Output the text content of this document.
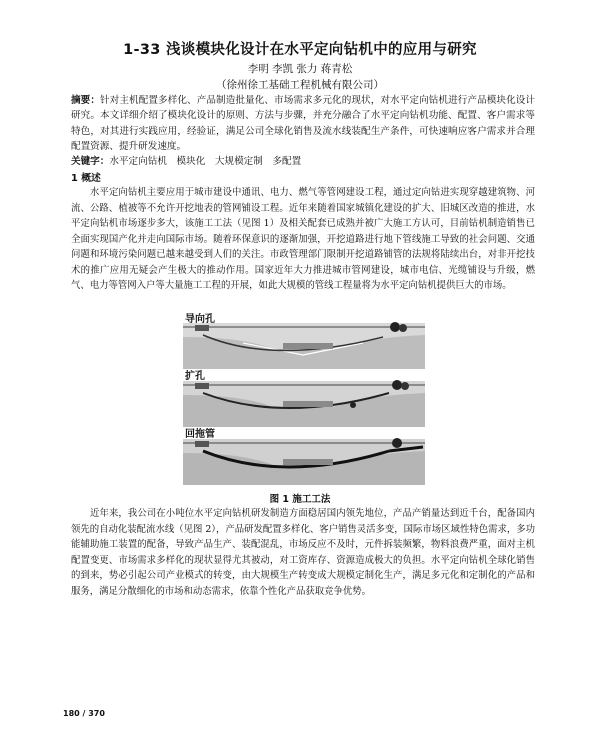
1-33 浅谈模块化设计在水平定向钻机中的应用与研究
李明 李凯 张力 蒋青松
（徐州徐工基础工程机械有限公司）
摘要：针对主机配置多样化、产品制造批量化、市场需求多元化的现状，对水平定向钻机进行产品模块化设计研究。本文详细介绍了模块化设计的原则、方法与步骤，并充分融合了水平定向钻机功能、配置、客户需求等特色，对其进行实践应用，经验证，满足公司全球化销售及流水线装配生产条件，可快速响应客户需求并合理配置资源、提升研发速度。
关键字：水平定向钻机　模块化　大规模定制　多配置
1 概述
水平定向钻机主要应用于城市建设中通讯、电力、燃气等管网建设工程，通过定向钻进实现穿越建筑物、河流、公路、植被等不允许开挖地表的管网铺设工程。近年来随着国家城镇化建设的扩大、旧城区改造的推进，水平定向钻机市场逐步多大，该施工工法（见图 1）及相关配套已成熟并被广大施工方认可，目前钻机制造销售已全面实现国产化并走向国际市场。随着环保意识的逐渐加强，开挖道路进行地下管线施工导致的社会问题、交通问题和环境污染问题已越来越受到人们的关注。市政管理部门限制开挖道路铺管的法规将陆续出台，对非开挖技术的推广应用无疑会产生极大的推动作用。国家近年大力推进城市管网建设，城市电信、光缆铺设与升级，燃气、电力等管网入户等大量施工工程的开展，如此大规模的管线工程量将为水平定向钻机提供巨大的市场。
导向孔
扩孔
回拖管
图 1 施工工法
近年来，我公司在小吨位水平定向钻机研发制造方面稳居国内领先地位，产品产销量达到近千台，配备国内领先的自动化装配流水线（见图 2），产品研发配置多样化、客户销售灵活多变，国际市场区域性特色需求，多功能辅助施工装置的配备，导致产品生产、装配混乱，市场反应不及时，元件拆装频繁，物料浪费严重，面对主机配置变更、市场需求多样化的现状显得尤其被动，对工资库存、资源造成极大的负担。水平定向钻机全球化销售的到来，势必引起公司产业模式的转变，由大规模生产转变成大规模定制化生产，满足多元化和定制化的产品和服务，满足分散细化的市场和动态需求，依靠个性化产品获取竞争优势。
180 / 370
